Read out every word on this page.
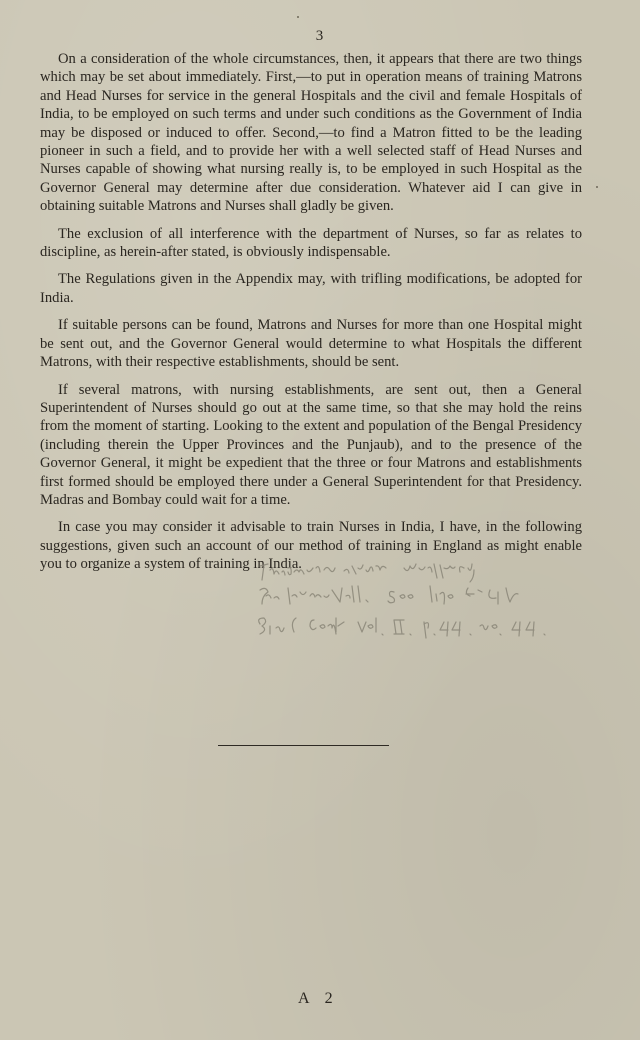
3

On a consideration of the whole circumstances, then, it appears that there are two things which may be set about immediately. First,—to put in operation means of training Matrons and Head Nurses for service in the general Hospitals and the civil and female Hospitals of India, to be employed on such terms and under such conditions as the Government of India may be disposed or induced to offer. Second,—to find a Matron fitted to be the leading pioneer in such a field, and to provide her with a well selected staff of Head Nurses and Nurses capable of showing what nursing really is, to be employed in such Hospital as the Governor General may determine after due consideration. Whatever aid I can give in obtaining suitable Matrons and Nurses shall gladly be given.

The exclusion of all interference with the department of Nurses, so far as relates to discipline, as herein-after stated, is obviously indispensable.

The Regulations given in the Appendix may, with trifling modifications, be adopted for India.

If suitable persons can be found, Matrons and Nurses for more than one Hospital might be sent out, and the Governor General would determine to what Hospitals the different Matrons, with their respective establishments, should be sent.

If several matrons, with nursing establishments, are sent out, then a General Superintendent of Nurses should go out at the same time, so that she may hold the reins from the moment of starting. Looking to the extent and population of the Bengal Presidency (including therein the Upper Provinces and the Punjaub), and to the presence of the Governor General, it might be expedient that the three or four Matrons and establishments first formed should be employed there under a General Superintendent for that Presidency. Madras and Bombay could wait for a time.

In case you may consider it advisable to train Nurses in India, I have, in the following suggestions, given such an account of our method of training in England as might enable you to organize a system of training in India.

A 2
